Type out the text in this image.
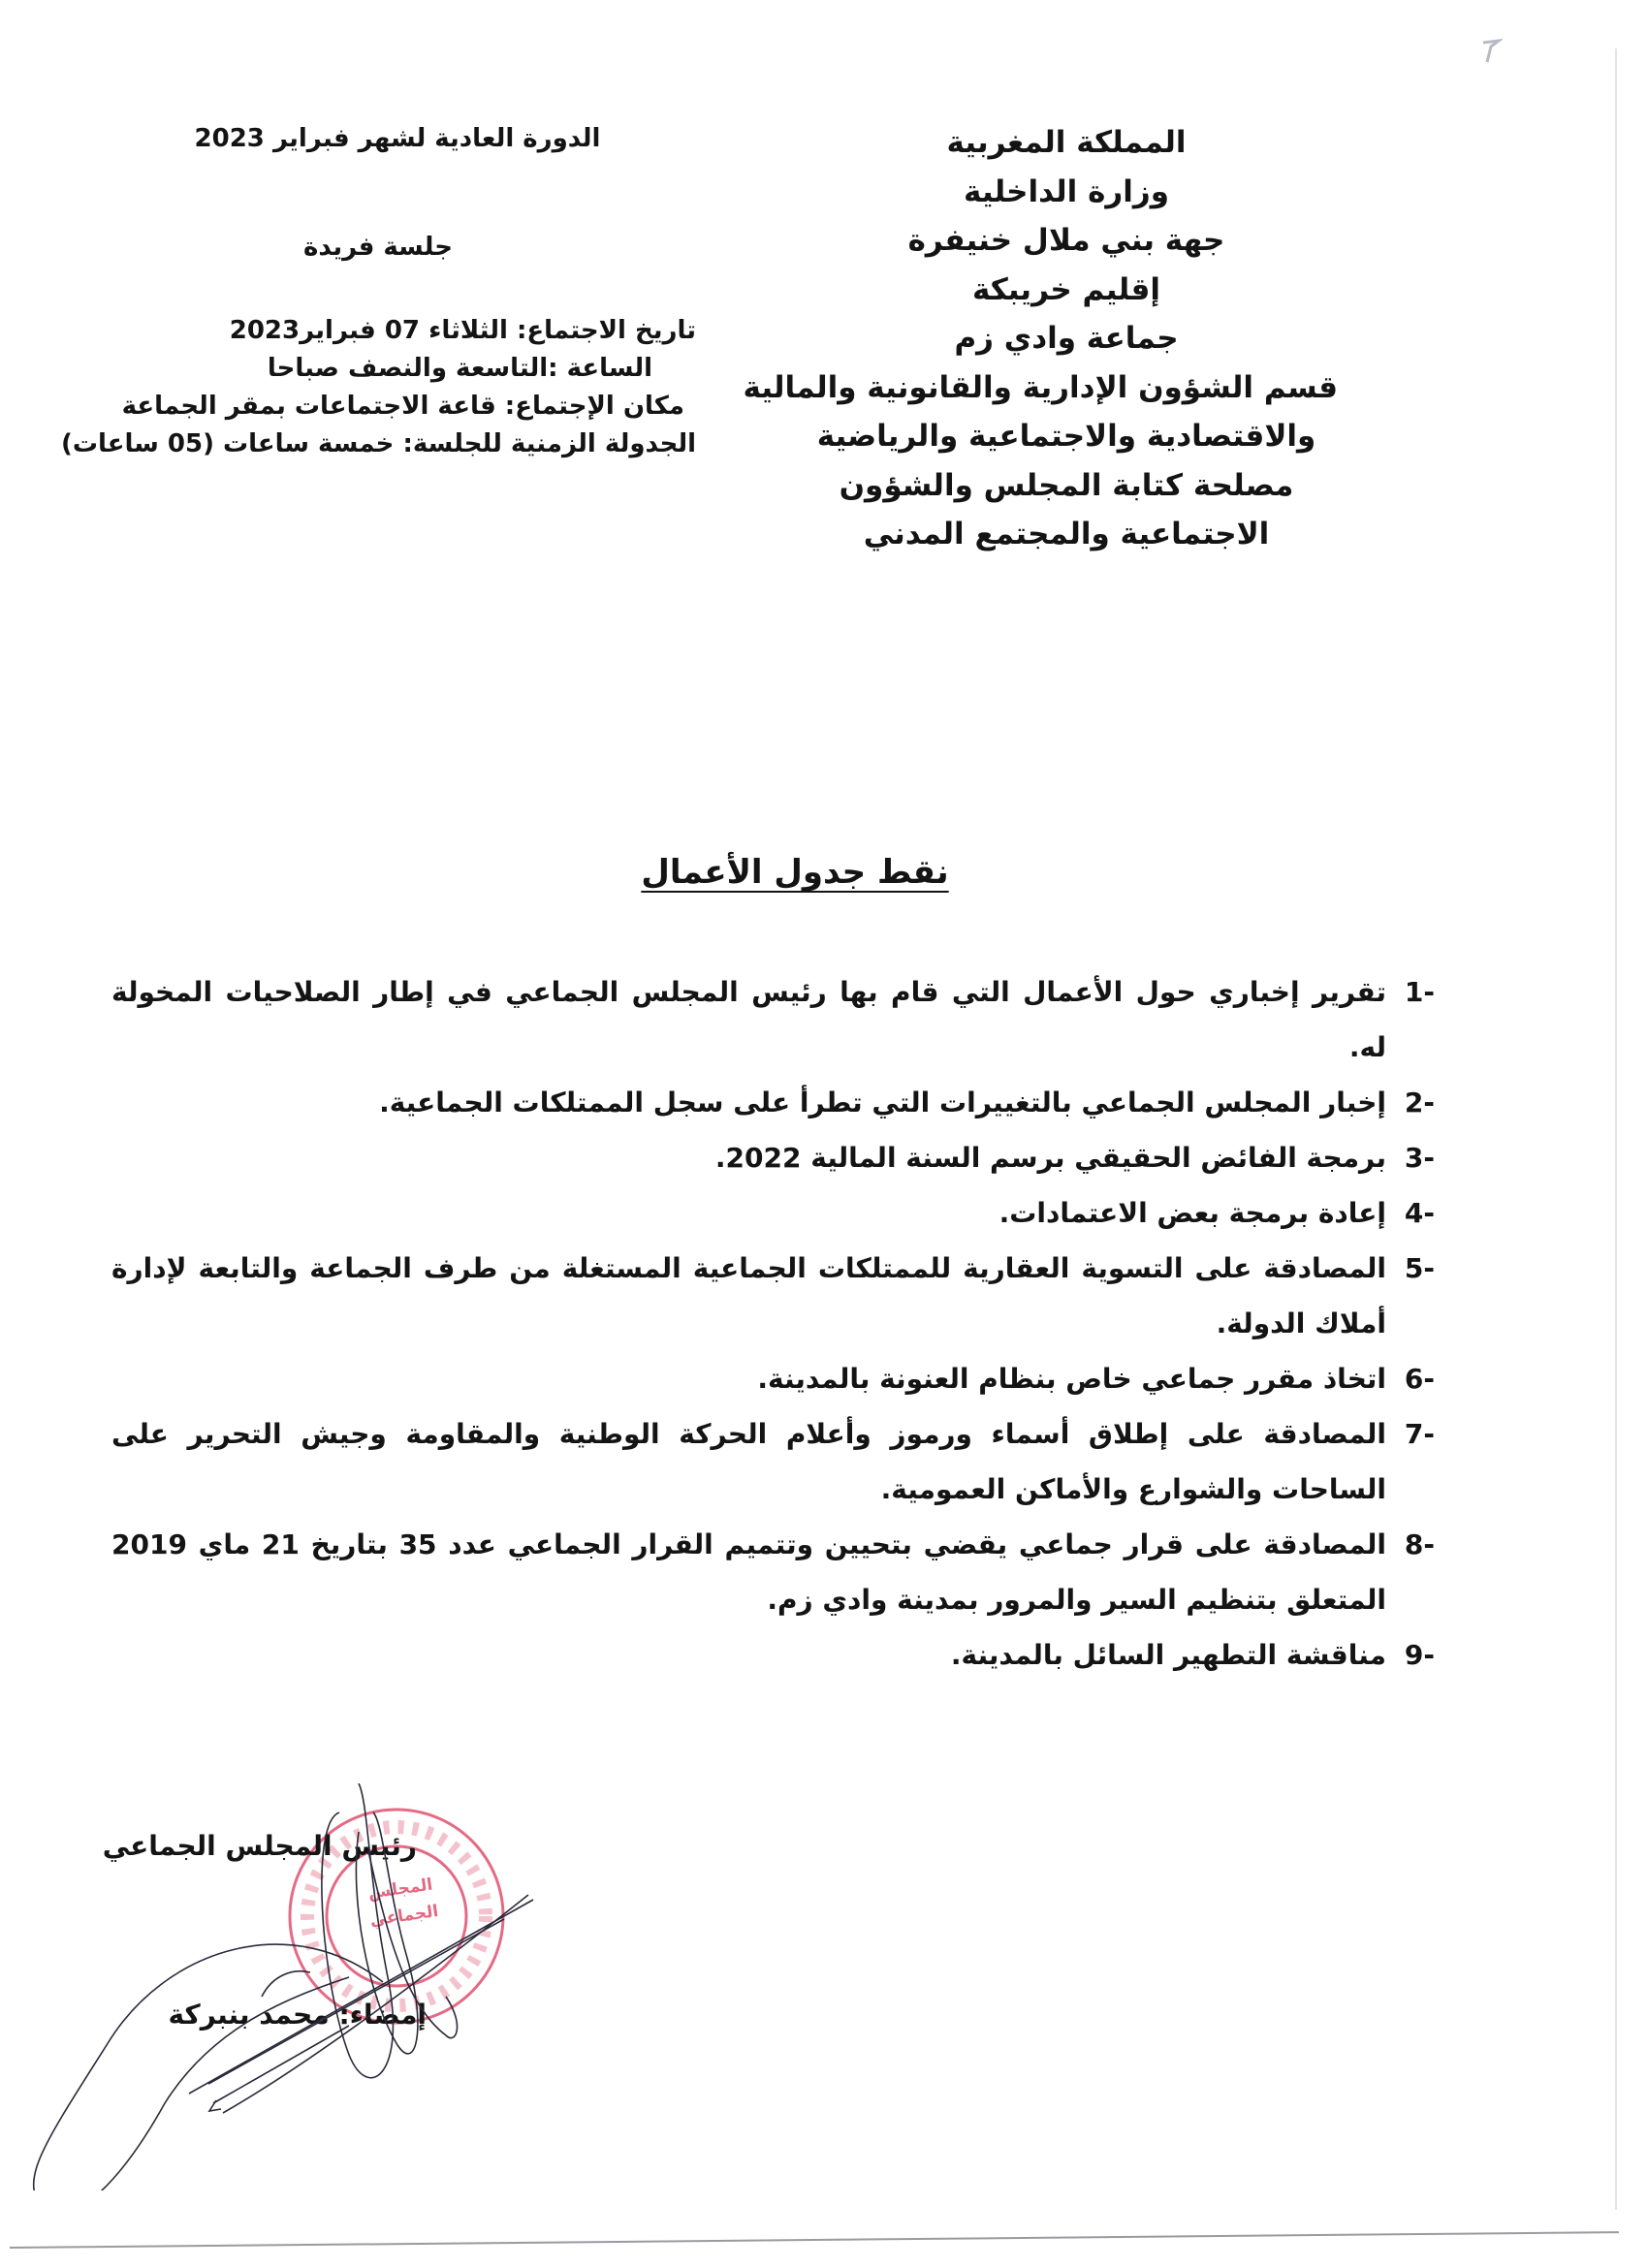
المملكة المغربية
وزارة الداخلية
جهة بني ملال خنيفرة
إقليم خريبكة
جماعة وادي زم
قسم الشؤون الإدارية والقانونية والمالية
والاقتصادية والاجتماعية والرياضية
مصلحة كتابة المجلس والشؤون
الاجتماعية والمجتمع المدني
الدورة العادية لشهر فبراير 2023
جلسة فريدة
تاريخ الاجتماع: الثلاثاء 07 فبراير2023
الساعة :التاسعة والنصف صباحا
مكان الإجتماع: قاعة الاجتماعات بمقر الجماعة
الجدولة الزمنية للجلسة: خمسة ساعات (05 ساعات)
نقط جدول الأعمال
-1
تقرير إخباري حول الأعمال التي قام بها رئيس المجلس الجماعي في إطار الصلاحيات المخولة له.
-2
إخبار المجلس الجماعي بالتغييرات التي تطرأ على سجل الممتلكات الجماعية.
-3
برمجة الفائض الحقيقي برسم السنة المالية 2022.
-4
إعادة برمجة بعض الاعتمادات.
-5
المصادقة على التسوية العقارية للممتلكات الجماعية المستغلة من طرف الجماعة والتابعة لإدارة أملاك الدولة.
-6
اتخاذ مقرر جماعي خاص بنظام العنونة بالمدينة.
-7
المصادقة على إطلاق أسماء ورموز وأعلام الحركة الوطنية والمقاومة وجيش التحرير على الساحات والشوارع والأماكن العمومية.
-8
المصادقة على قرار جماعي يقضي بتحيين وتتميم القرار الجماعي عدد 35 بتاريخ 21 ماي 2019 المتعلق بتنظيم السير والمرور بمدينة وادي زم.
-9
مناقشة التطهير السائل بالمدينة.
المجلس الجماعي
رئيس المجلس الجماعي
إمضاء: محمد بنبركة
